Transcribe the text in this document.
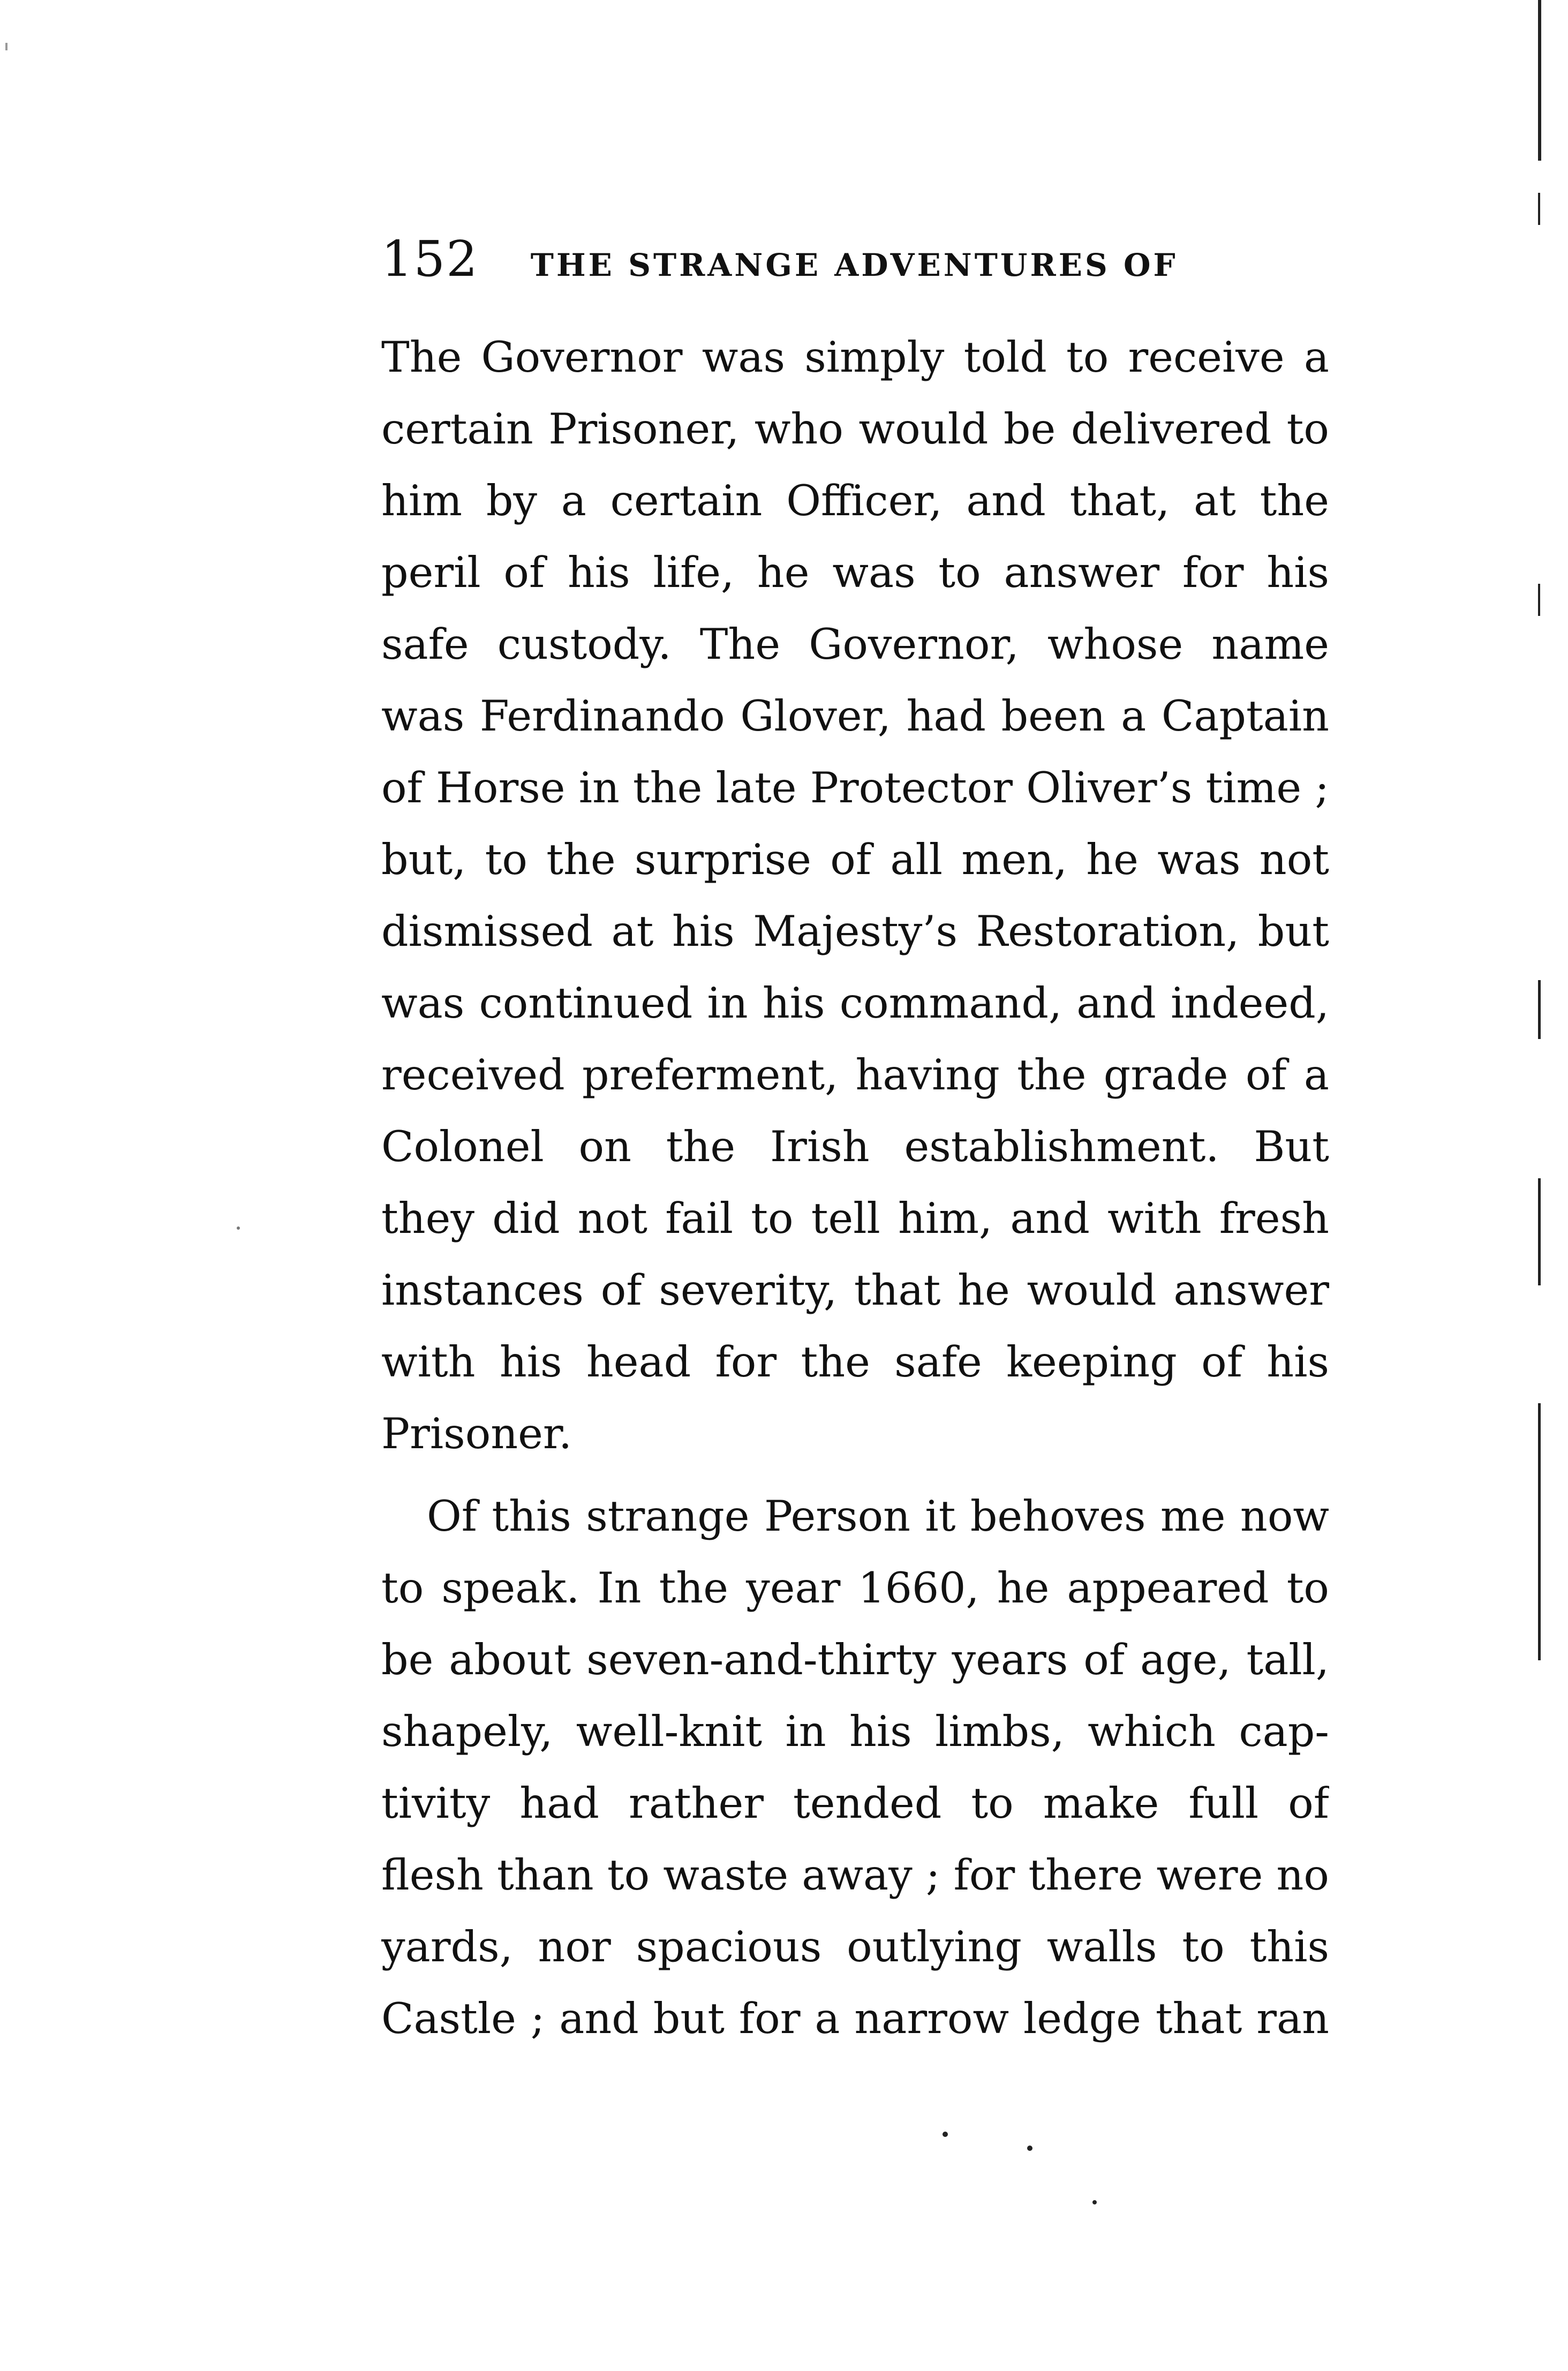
152 THE STRANGE ADVENTURES OF
The Governor was simply told to receive a
certain Prisoner, who would be delivered to
him by a certain Officer, and that, at the
peril of his life, he was to answer for his
safe custody. The Governor, whose name
was Ferdinando Glover, had been a Captain
of Horse in the late Protector Oliver’s time ;
but, to the surprise of all men, he was not
dismissed at his Majesty’s Restoration, but
was continued in his command, and indeed,
received preferment, having the grade of a
Colonel on the Irish establishment. But
they did not fail to tell him, and with fresh
instances of severity, that he would answer
with his head for the safe keeping of his
Prisoner.
Of this strange Person it behoves me now
to speak. In the year 1660, he appeared to
be about seven-and-thirty years of age, tall,
shapely, well-knit in his limbs, which cap-
tivity had rather tended to make full of
flesh than to waste away ; for there were no
yards, nor spacious outlying walls to this
Castle ; and but for a narrow ledge that ran
